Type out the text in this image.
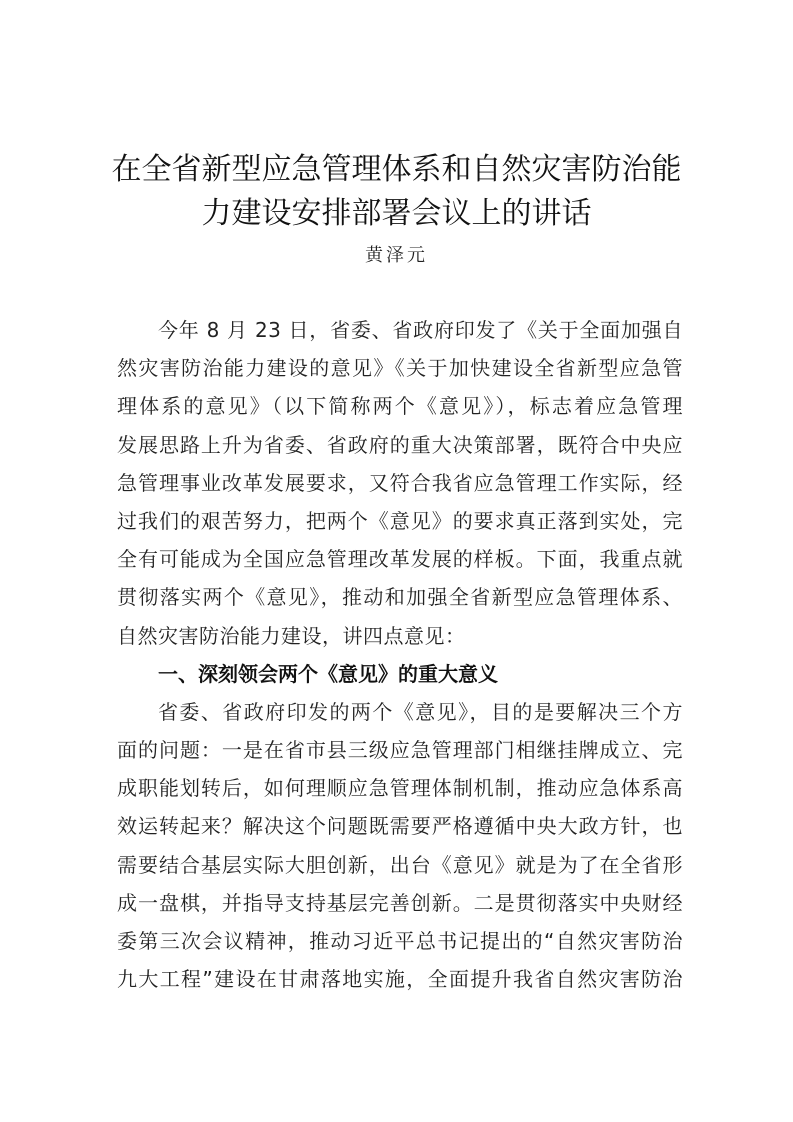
在全省新型应急管理体系和自然灾害防治能
力建设安排部署会议上的讲话
黄泽元
今年 8 月 23 日，省委、省政府印发了《关于全面加强自
然灾害防治能力建设的意见》《关于加快建设全省新型应急管
理体系的意见》（以下简称两个《意见》），标志着应急管理
发展思路上升为省委、省政府的重大决策部署，既符合中央应
急管理事业改革发展要求，又符合我省应急管理工作实际，经
过我们的艰苦努力，把两个《意见》的要求真正落到实处，完
全有可能成为全国应急管理改革发展的样板。下面，我重点就
贯彻落实两个《意见》，推动和加强全省新型应急管理体系、
自然灾害防治能力建设，讲四点意见：
一、深刻领会两个《意见》的重大意义
省委、省政府印发的两个《意见》，目的是要解决三个方
面的问题：一是在省市县三级应急管理部门相继挂牌成立、完
成职能划转后，如何理顺应急管理体制机制，推动应急体系高
效运转起来？解决这个问题既需要严格遵循中央大政方针，也
需要结合基层实际大胆创新，出台《意见》就是为了在全省形
成一盘棋，并指导支持基层完善创新。二是贯彻落实中央财经
委第三次会议精神，推动习近平总书记提出的“自然灾害防治
九大工程”建设在甘肃落地实施，全面提升我省自然灾害防治
